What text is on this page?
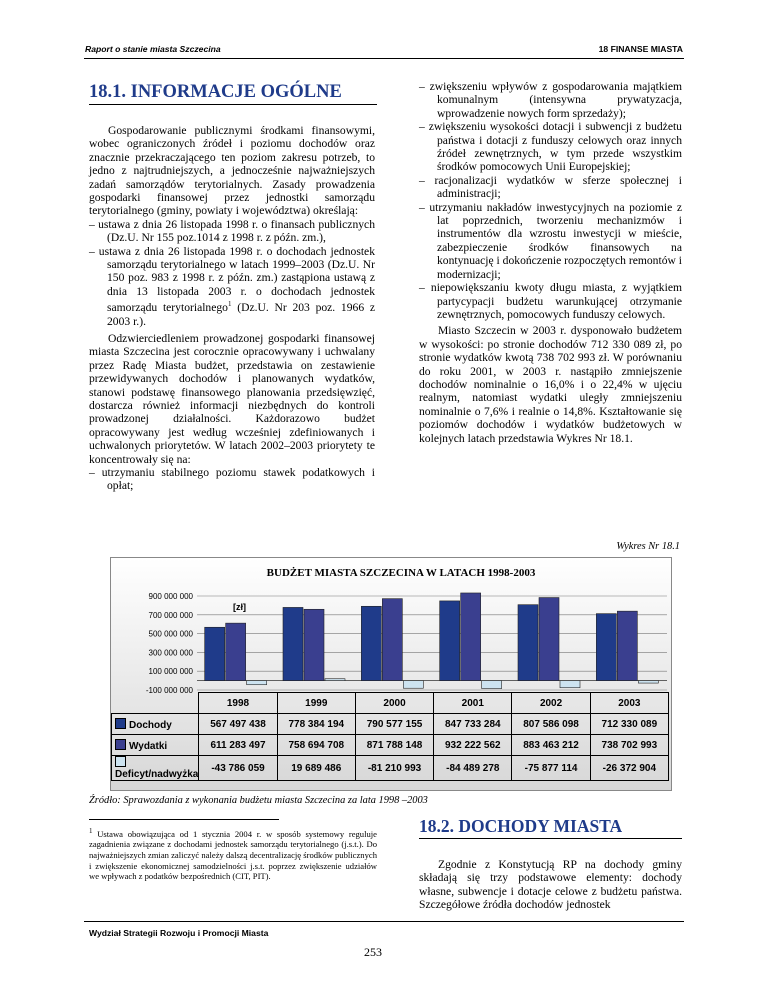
Raport o stanie miasta Szczecina	18 FINANSE MIASTA
18.1. INFORMACJE OGÓLNE

Gospodarowanie publicznymi środkami finansowymi, wobec ograniczonych źródeł i poziomu dochodów oraz znacznie przekraczającego ten poziom zakresu potrzeb, to jedno z najtrudniejszych, a jednocześnie najważniejszych zadań samorządów terytorialnych. Zasady prowadzenia gospodarki finansowej przez jednostki samorządu terytorialnego (gminy, powiaty i województwa) określają:

– ustawa z dnia 26 listopada 1998 r. o finansach publicznych (Dz.U. Nr 155 poz.1014 z 1998 r. z późn. zm.),

– ustawa z dnia 26 listopada 1998 r. o dochodach jednostek samorządu terytorialnego w latach 1999–2003 (Dz.U. Nr 150 poz. 983 z 1998 r. z późn. zm.) zastąpiona ustawą z dnia 13 listopada 2003 r. o dochodach jednostek samorządu terytorialnego$^1$ (Dz.U. Nr 203 poz. 1966 z 2003 r.).

Odzwierciedleniem prowadzonej gospodarki finansowej miasta Szczecina jest corocznie opracowywany i uchwalany przez Radę Miasta budżet, przedstawia on zestawienie przewidywanych dochodów i planowanych wydatków, stanowi podstawę finansowego planowania przedsięwzięć, dostarcza również informacji niezbędnych do kontroli prowadzonej działalności. Każdorazowo budżet opracowywany jest według wcześniej zdefiniowanych i uchwalonych priorytetów. W latach 2002–2003 priorytety te koncentrowały się na:

– utrzymaniu stabilnego poziomu stawek podatkowych i opłat;

– zwiększeniu wpływów z gospodarowania majątkiem komunalnym (intensywna prywatyzacja, wprowadzenie nowych form sprzedaży);

– zwiększeniu wysokości dotacji i subwencji z budżetu państwa i dotacji z funduszy celowych oraz innych źródeł zewnętrznych, w tym przede wszystkim środków pomocowych Unii Europejskiej;

– racjonalizacji wydatków w sferze społecznej i administracji;

– utrzymaniu nakładów inwestycyjnych na poziomie z lat poprzednich, tworzeniu mechanizmów i instrumentów dla wzrostu inwestycji w mieście, zabezpieczenie środków finansowych na kontynuację i dokończenie rozpoczętych remontów i modernizacji;

– niepowiększaniu kwoty długu miasta, z wyjątkiem partycypacji budżetu warunkującej otrzymanie zewnętrznych, pomocowych funduszy celowych.

Miasto Szczecin w 2003 r. dysponowało budżetem w wysokości: po stronie dochodów 712 330 089 zł, po stronie wydatków kwotą 738 702 993 zł. W porównaniu do roku 2001, w 2003 r. nastąpiło zmniejszenie dochodów nominalnie o 16,0% i o 22,4% w ujęciu realnym, natomiast wydatki uległy zmniejszeniu nominalnie o 7,6% i realnie o 14,8%. Kształtowanie się poziomów dochodów i wydatków budżetowych w kolejnych latach przedstawia Wykres Nr 18.1.

Wykres Nr 18.1
BUDŻET MIASTA SZCZECINA W LATACH 1998-2003
900 000 000
700 000 000
500 000 000
300 000 000
100 000 000
-100 000 000
[zł]
	1998	1999	2000	2001	2002	2003
Dochody	567 497 438	778 384 194	790 577 155	847 733 284	807 586 098	712 330 089
Wydatki	611 283 497	758 694 708	871 788 148	932 222 562	883 463 212	738 702 993
Deficyt/nadwyżka	-43 786 059	19 689 486	-81 210 993	-84 489 278	-75 877 114	-26 372 904
Źródło: Sprawozdania z wykonania budżetu miasta Szczecina za lata 1998 –2003
18.2. DOCHODY MIASTA

Zgodnie z Konstytucją RP na dochody gminy składają się trzy podstawowe elementy: dochody własne, subwencje i dotacje celowe z budżetu państwa. Szczegółowe źródła dochodów jednostek

$^1$ Ustawa obowiązująca od 1 stycznia 2004 r. w sposób systemowy reguluje zagadnienia związane z dochodami jednostek samorządu terytorialnego (j.s.t.). Do najważniejszych zmian zaliczyć należy dalszą decentralizację środków publicznych i zwiększenie ekonomicznej samodzielności j.s.t. poprzez zwiększenie udziałów we wpływach z podatków bezpośrednich (CIT, PIT).
Wydział Strategii Rozwoju i Promocji Miasta
253
